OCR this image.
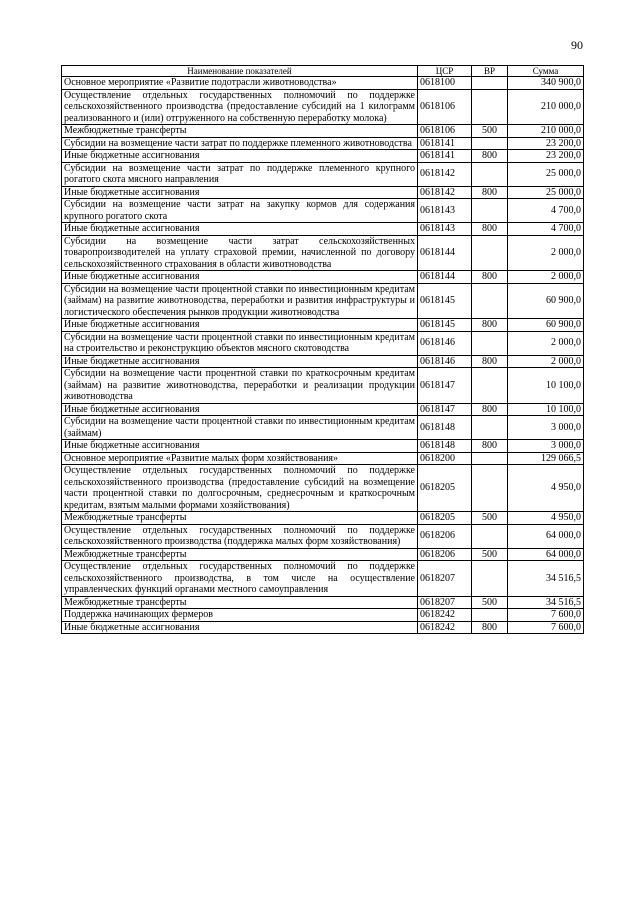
90
Наименование показателей	ЦСР	ВР	Сумма
Основное мероприятие «Развитие подотрасли животноводства»	0618100		340 900,0
Осуществление отдельных государственных полномочий по поддержке сельскохозяйственного производства (предоставление субсидий на 1 килограмм реализованного и (или) отгруженного на собственную переработку молока)	0618106		210 000,0
Межбюджетные трансферты	0618106	500	210 000,0
Субсидии на возмещение части затрат по поддержке племенного животноводства	0618141		23 200,0
Иные бюджетные ассигнования	0618141	800	23 200,0
Субсидии на возмещение части затрат по поддержке племенного крупного рогатого скота мясного направления	0618142		25 000,0
Иные бюджетные ассигнования	0618142	800	25 000,0
Субсидии на возмещение части затрат на закупку кормов для содержания крупного рогатого скота	0618143		4 700,0
Иные бюджетные ассигнования	0618143	800	4 700,0
Субсидии на возмещение части затрат сельскохозяйственных товаропроизводителей на уплату страховой премии, начисленной по договору сельскохозяйственного страхования в области животноводства	0618144		2 000,0
Иные бюджетные ассигнования	0618144	800	2 000,0
Субсидии на возмещение части процентной ставки по инвестиционным кредитам (займам) на развитие животноводства, переработки и развития инфраструктуры и логистического обеспечения рынков продукции животноводства	0618145		60 900,0
Иные бюджетные ассигнования	0618145	800	60 900,0
Субсидии на возмещение части процентной ставки по инвестиционным кредитам на строительство и реконструкцию объектов мясного скотоводства	0618146		2 000,0
Иные бюджетные ассигнования	0618146	800	2 000,0
Субсидии на возмещение части процентной ставки по краткосрочным кредитам (займам) на развитие животноводства, переработки и реализации продукции животноводства	0618147		10 100,0
Иные бюджетные ассигнования	0618147	800	10 100,0
Субсидии на возмещение части процентной ставки по инвестиционным кредитам (займам)	0618148		3 000,0
Иные бюджетные ассигнования	0618148	800	3 000,0
Основное мероприятие «Развитие малых форм хозяйствования»	0618200		129 066,5
Осуществление отдельных государственных полномочий по поддержке сельскохозяйственного производства (предоставление субсидий на возмещение части процентной ставки по долгосрочным, среднесрочным и краткосрочным кредитам, взятым малыми формами хозяйствования)	0618205		4 950,0
Межбюджетные трансферты	0618205	500	4 950,0
Осуществление отдельных государственных полномочий по поддержке сельскохозяйственного производства (поддержка малых форм хозяйствования)	0618206		64 000,0
Межбюджетные трансферты	0618206	500	64 000,0
Осуществление отдельных государственных полномочий по поддержке сельскохозяйственного производства, в том числе на осуществление управленческих функций органами местного самоуправления	0618207		34 516,5
Межбюджетные трансферты	0618207	500	34 516,5
Поддержка начинающих фермеров	0618242		7 600,0
Иные бюджетные ассигнования	0618242	800	7 600,0
